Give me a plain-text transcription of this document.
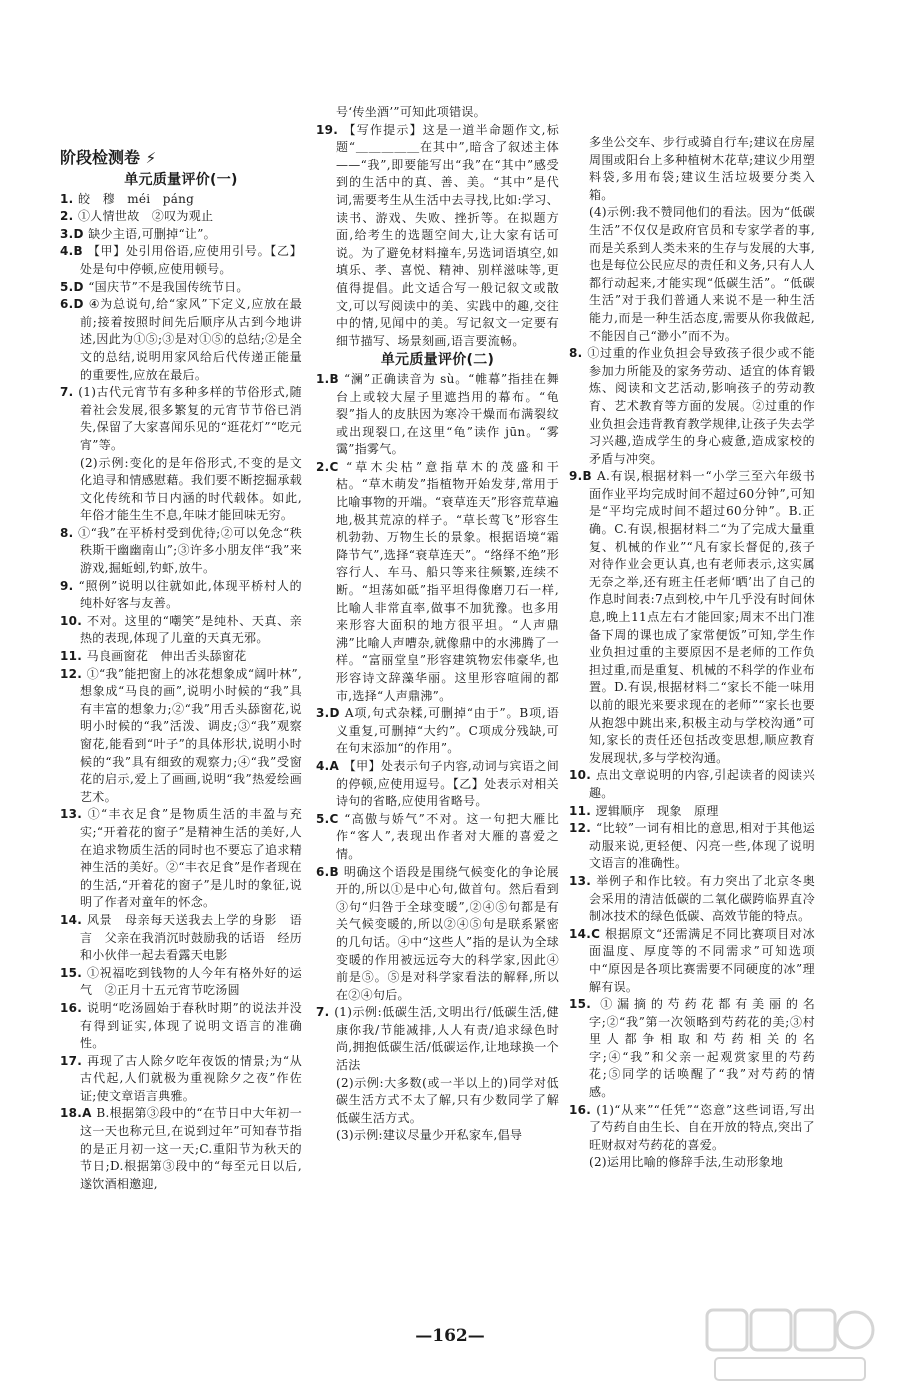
阶段检测卷 ⚡
单元质量评价(一)
1. 皎　穆　méi　páng
2. ①人情世故　②叹为观止
3.D 缺少主语,可删掉“让”。
4.B 【甲】处引用俗语,应使用引号。【乙】处是句中停顿,应使用顿号。
5.D “国庆节”不是我国传统节日。
6.D ④为总说句,给“家风”下定义,应放在最前;接着按照时间先后顺序从古到今地讲述,因此为①⑤;③是对①⑤的总结;②是全文的总结,说明用家风给后代传递正能量的重要性,应放在最后。
7. (1)古代元宵节有多种多样的节俗形式,随着社会发展,很多繁复的元宵节节俗已消失,保留了大家喜闻乐见的“逛花灯”“吃元宵”等。
(2)示例:变化的是年俗形式,不变的是文化追寻和情感慰藉。我们要不断挖掘承载文化传统和节日内涵的时代载体。如此,年俗才能生生不息,年味才能回味无穷。
8. ①“我”在平桥村受到优待;②可以免念“秩秩斯干幽幽南山”;③许多小朋友伴“我”来游戏,掘蚯蚓,钓虾,放牛。
9. “照例”说明以往就如此,体现平桥村人的纯朴好客与友善。
10. 不对。这里的“嘲笑”是纯朴、天真、亲热的表现,体现了儿童的天真无邪。
11. 马良画窗花　伸出舌头舔窗花
12. ①“我”能把窗上的冰花想象成“阔叶林”,想象成“马良的画”,说明小时候的“我”具有丰富的想象力;②“我”用舌头舔窗花,说明小时候的“我”活泼、调皮;③“我”观察窗花,能看到“叶子”的具体形状,说明小时候的“我”具有细致的观察力;④“我”受窗花的启示,爱上了画画,说明“我”热爱绘画艺术。
13. ①“丰衣足食”是物质生活的丰盈与充实;“开着花的窗子”是精神生活的美好,人在追求物质生活的同时也不要忘了追求精神生活的美好。②“丰衣足食”是作者现在的生活,“开着花的窗子”是儿时的象征,说明了作者对童年的怀念。
14. 风景　母亲每天送我去上学的身影　语言　父亲在我消沉时鼓励我的话语　经历　和小伙伴一起去看露天电影
15. ①祝福吃到钱物的人今年有格外好的运气　②正月十五元宵节吃汤圆
16. 说明“吃汤圆始于春秋时期”的说法并没有得到证实,体现了说明文语言的准确性。
17. 再现了古人除夕吃年夜饭的情景;为“从古代起,人们就极为重视除夕之夜”作佐证;使文章语言典雅。
18.A B.根据第③段中的“在节日中大年初一这一天也称元旦,在说到过年”可知春节指的是正月初一这一天;C.重阳节为秋天的节日;D.根据第③段中的“每至元日以后,遂饮酒相邀迎,
号‘传坐酒’”可知此项错误。
19. 【写作提示】这是一道半命题作文,标题“＿＿＿＿＿在其中”,暗含了叙述主体——“我”,即要能写出“我”在“其中”感受到的生活中的真、善、美。“其中”是代词,需要考生从生活中去寻找,比如:学习、读书、游戏、失败、挫折等。在拟题方面,给考生的选题空间大,让大家有话可说。为了避免材料撞车,另选词语填空,如填乐、孝、喜悦、精神、别样滋味等,更值得提倡。此文适合写一般记叙文或散文,可以写阅读中的美、实践中的趣,交往中的情,见闻中的美。写记叙文一定要有细节描写、场景刻画,语言要流畅。
单元质量评价(二)
1.B “澜”正确读音为 sù。“帷幕”指挂在舞台上或较大屋子里遮挡用的幕布。“龟裂”指人的皮肤因为寒冷干燥而布满裂纹或出现裂口,在这里“龟”读作 jūn。“雾霭”指雾气。
2.C “草木尖枯”意指草木的茂盛和干枯。“草木萌发”指植物开始发芽,常用于比喻事物的开端。“衰草连天”形容荒草遍地,极其荒凉的样子。“草长莺飞”形容生机勃勃、万物生长的景象。根据语境“霜降节气”,选择“衰草连天”。“络绎不绝”形容行人、车马、船只等来往频繁,连续不断。“坦荡如砥”指平坦得像磨刀石一样,比喻人非常直率,做事不加犹豫。也多用来形容大面积的地方很平坦。“人声鼎沸”比喻人声嘈杂,就像鼎中的水沸腾了一样。“富丽堂皇”形容建筑物宏伟豪华,也形容诗文辞藻华丽。这里形容喧闹的都市,选择“人声鼎沸”。
3.D A项,句式杂糅,可删掉“由于”。B项,语义重复,可删掉“大约”。C项成分残缺,可在句末添加“的作用”。
4.A 【甲】处表示句子内容,动词与宾语之间的停顿,应使用逗号。【乙】处表示对相关诗句的省略,应使用省略号。
5.C “高傲与娇气”不对。这一句把大雁比作“客人”,表现出作者对大雁的喜爱之情。
6.B 明确这个语段是围绕气候变化的争论展开的,所以①是中心句,做首句。然后看到③句“归咎于全球变暖”,②④⑤句都是有关气候变暖的,所以②④⑤句是联系紧密的几句话。④中“这些人”指的是认为全球变暖的作用被远远夸大的科学家,因此④前是⑤。⑤是对科学家看法的解释,所以在②④句后。
7. (1)示例:低碳生活,文明出行/低碳生活,健康你我/节能减排,人人有责/追求绿色时尚,拥抱低碳生活/低碳运作,让地球换一个活法
(2)示例:大多数(或一半以上的)同学对低碳生活方式不太了解,只有少数同学了解低碳生活方式。
(3)示例:建议尽量少开私家车,倡导
多坐公交车、步行或骑自行车;建议在房屋周围或阳台上多种植树木花草;建议少用塑料袋,多用布袋;建议生活垃圾要分类入箱。
(4)示例:我不赞同他们的看法。因为“低碳生活”不仅仅是政府官员和专家学者的事,而是关系到人类未来的生存与发展的大事,也是每位公民应尽的责任和义务,只有人人都行动起来,才能实现“低碳生活”。“低碳生活”对于我们普通人来说不是一种生活能力,而是一种生活态度,需要从你我做起,不能因自己“渺小”而不为。
8. ①过重的作业负担会导致孩子很少或不能参加力所能及的家务劳动、适宜的体育锻炼、阅读和文艺活动,影响孩子的劳动教育、艺术教育等方面的发展。②过重的作业负担会违背教育教学规律,让孩子失去学习兴趣,造成学生的身心疲惫,造成家校的矛盾与冲突。
9.B A.有误,根据材料一“小学三至六年级书面作业平均完成时间不超过60分钟”,可知是“平均完成时间不超过60分钟”。B.正确。C.有误,根据材料二“为了完成大量重复、机械的作业”“凡有家长督促的,孩子对待作业会更认真,也有老师表示,这实属无奈之举,还有班主任老师‘晒’出了自己的作息时间表:7点到校,中午几乎没有时间休息,晚上11点左右才能回家;周末不出门准备下周的课也成了家常便饭”可知,学生作业负担过重的主要原因不是老师的工作负担过重,而是重复、机械的不科学的作业布置。D.有误,根据材料二“家长不能一味用以前的眼光来要求现在的老师”“家长也要从抱怨中跳出来,积极主动与学校沟通”可知,家长的责任还包括改变思想,顺应教育发展现状,多与学校沟通。
10. 点出文章说明的内容,引起读者的阅读兴趣。
11. 逻辑顺序　现象　原理
12. “比较”一词有相比的意思,相对于其他运动服来说,更轻便、闪亮一些,体现了说明文语言的准确性。
13. 举例子和作比较。有力突出了北京冬奥会采用的清洁低碳的二氧化碳跨临界直冷制冰技术的绿色低碳、高效节能的特点。
14.C 根据原文“还需满足不同比赛项目对冰面温度、厚度等的不同需求”可知选项中“原因是各项比赛需要不同硬度的冰”理解有误。
15. ①漏摘的芍药花都有美丽的名字;②“我”第一次领略到芍药花的美;③村里人都争相取和芍药相关的名字;④“我”和父亲一起观赏家里的芍药花;⑤同学的话唤醒了“我”对芍药的情感。
16. (1)“从来”“任凭”“恣意”这些词语,写出了芍药自由生长、自在开放的特点,突出了旺财叔对芍药花的喜爱。
(2)运用比喻的修辞手法,生动形象地
—162—
